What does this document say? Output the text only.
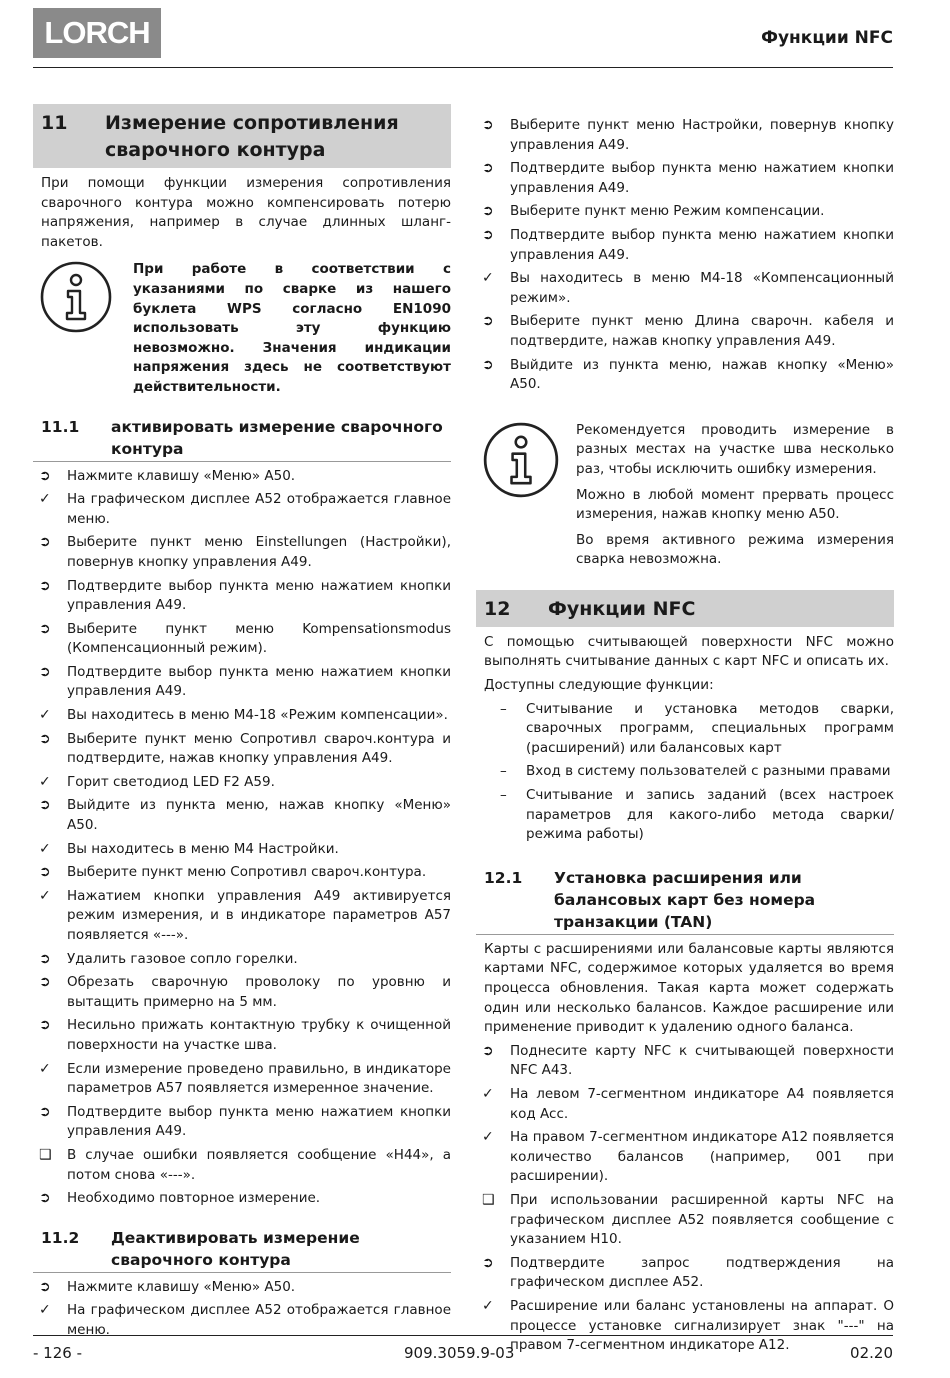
LORCH	Функции NFC
11	Измерение сопротивления сварочного контура

При помощи функции измерения сопротивления сварочного контура можно компенсировать потерю напряжения, например в случае длинных шланг-пакетов.

При работе в соответствии с указаниями по сварке из нашего буклета WPS согласно EN1090 использовать эту функцию невозможно. Значения индикации напряжения здесь не соответствуют действительности.
11.1	активировать измерение сварочного контура
➲	Нажмите клавишу «Меню» A50.
✓	На графическом дисплее A52 отображается главное меню.
➲	Выберите пункт меню Einstellungen (Настройки), повернув кнопку управления A49.
➲	Подтвердите выбор пункта меню нажатием кнопки управления A49.
➲	Выберите пункт меню Kompensationsmodus (Компенсационный режим).
➲	Подтвердите выбор пункта меню нажатием кнопки управления A49.
✓	Вы находитесь в меню M4-18 «Режим компенсации».
➲	Выберите пункт меню Сопротивл свароч.контура и подтвердите, нажав кнопку управления A49.
✓	Горит светодиод LED F2 A59.
➲	Выйдите из пункта меню, нажав кнопку «Меню» A50.
✓	Вы находитесь в меню M4 Настройки.
➲	Выберите пункт меню Сопротивл свароч.контура.
✓	Нажатием кнопки управления A49 активируется режим измерения, и в индикаторе параметров A57 появляется «---».
➲	Удалить газовое сопло горелки.
➲	Обрезать сварочную проволоку по уровню и вытащить примерно на 5 мм.
➲	Несильно прижать контактную трубку к очищенной поверхности на участке шва.
✓	Если измерение проведено правильно, в индикаторе параметров A57 появляется измеренное значение.
➲	Подтвердите выбор пункта меню нажатием кнопки управления A49.
❑	В случае ошибки появляется сообщение «H44», а потом снова «---».
➲	Необходимо повторное измерение.
11.2	Деактивировать измерение сварочного контура
➲	Нажмите клавишу «Меню» A50.
✓	На графическом дисплее A52 отображается главное меню.
➲	Выберите пункт меню Настройки, повернув кнопку управления A49.
➲	Подтвердите выбор пункта меню нажатием кнопки управления A49.
➲	Выберите пункт меню Режим компенсации.
➲	Подтвердите выбор пункта меню нажатием кнопки управления A49.
✓	Вы находитесь в меню M4-18 «Компенсационный режим».
➲	Выберите пункт меню Длина сварочн. кабеля и подтвердите, нажав кнопку управления A49.
➲	Выйдите из пункта меню, нажав кнопку «Меню» A50.

Рекомендуется проводить измерение в разных местах на участке шва несколько раз, чтобы исключить ошибку измерения.

Можно в любой момент прервать процесс измерения, нажав кнопку меню A50.

Во время активного режима измерения сварка невозможна.

12	Функции NFC

С помощью считывающей поверхности NFC можно выполнять считывание данных с карт NFC и описать их.

Доступны следующие функции:

–	Считывание и установка методов сварки, сварочных программ, специальных программ (расширений) или балансовых карт
–	Вход в систему пользователей с разными правами
–	Считывание и запись заданий (всех настроек параметров для какого-либо метода сварки/режима работы)
12.1	Установка расширения или балансовых карт без номера транзакции (TAN)

Карты с расширениями или балансовые карты являются картами NFC, содержимое которых удаляется во время процесса обновления. Такая карта может содержать один или несколько балансов. Каждое расширение или применение приводит к удалению одного баланса.

➲	Поднесите карту NFC к считывающей поверхности NFC A43.
✓	На левом 7-сегментном индикаторе A4 появляется код Acc.
✓	На правом 7-сегментном индикаторе A12 появляется количество балансов (например, 001 при расширении).
❑	При использовании расширенной карты NFC на графическом дисплее A52 появляется сообщение с указанием H10.
➲	Подтвердите запрос подтверждения на графическом дисплее A52.
✓	Расширение или баланс установлены на аппарат. О процессе установке сигнализирует знак "---" на правом 7-сегментном индикаторе A12.
- 126 -	909.3059.9-03	02.20
